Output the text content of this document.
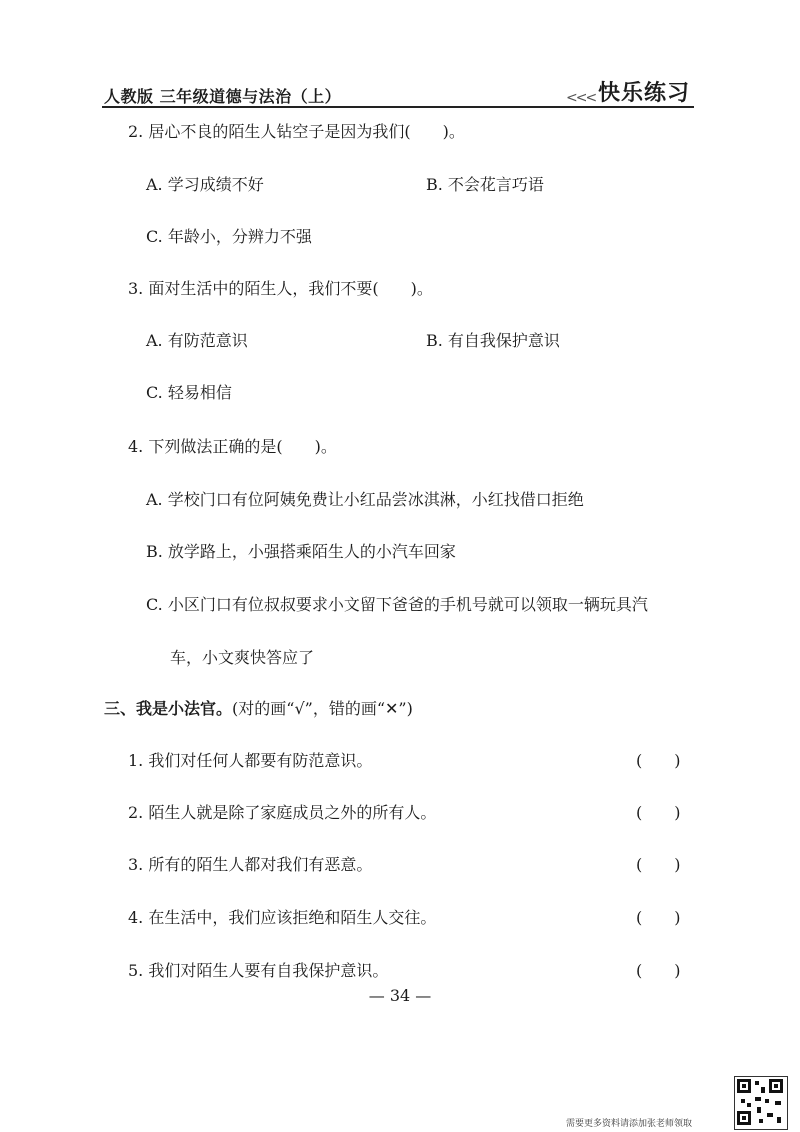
人教版 三年级道德与法治（上）	<<< 快乐练习
2. 居心不良的陌生人钻空子是因为我们(　　)。
A. 学习成绩不好	B. 不会花言巧语
C. 年龄小，分辨力不强
3. 面对生活中的陌生人，我们不要(　　)。
A. 有防范意识	B. 有自我保护意识
C. 轻易相信
4. 下列做法正确的是(　　)。
A. 学校门口有位阿姨免费让小红品尝冰淇淋，小红找借口拒绝
B. 放学路上，小强搭乘陌生人的小汽车回家
C. 小区门口有位叔叔要求小文留下爸爸的手机号就可以领取一辆玩具汽
车，小文爽快答应了
三、我是小法官。(对的画“√”，错的画“✕”)
1. 我们对任何人都要有防范意识。	(　　)
2. 陌生人就是除了家庭成员之外的所有人。	(　　)
3. 所有的陌生人都对我们有恶意。	(　　)
4. 在生活中，我们应该拒绝和陌生人交往。	(　　)
5. 我们对陌生人要有自我保护意识。	(　　)
— 34 —
需要更多资料请添加张老师领取
